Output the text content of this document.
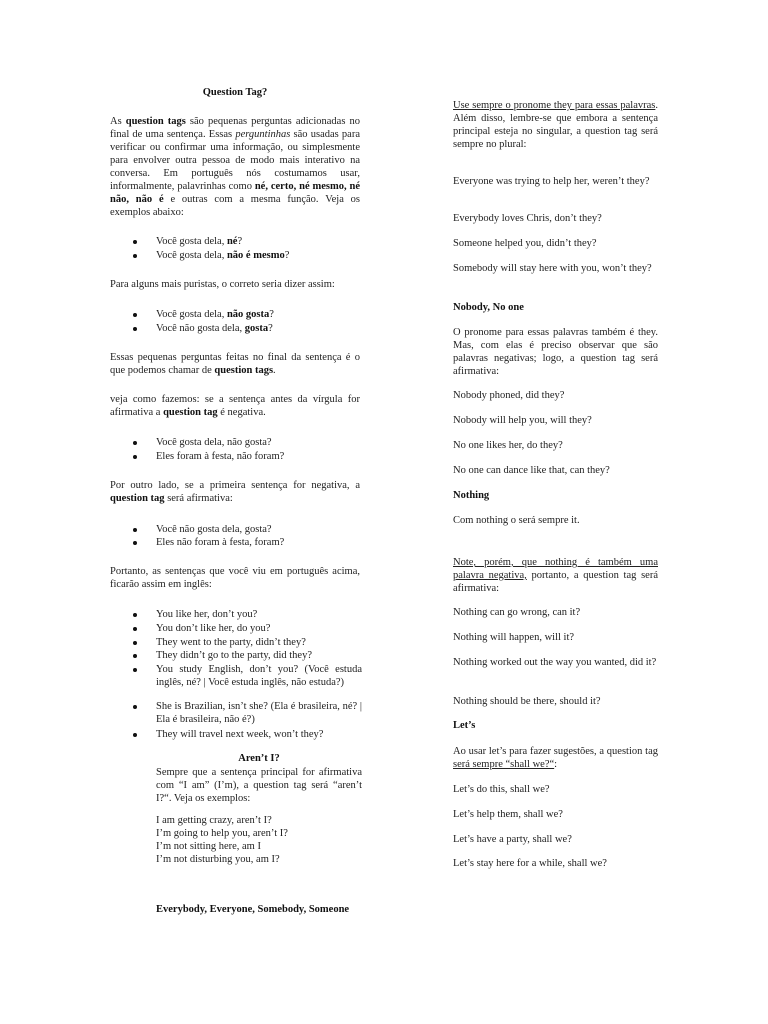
Question Tag?

As question tags são pequenas perguntas adicionadas no final de uma sentença. Essas perguntinhas são usadas para verificar ou confirmar uma informação, ou simplesmente para envolver outra pessoa de modo mais interativo na conversa. Em português nós costumamos usar, informalmente, palavrinhas como né, certo, né mesmo, né não, não é e outras com a mesma função. Veja os exemplos abaixo:

Você gosta dela, né?
Você gosta dela, não é mesmo?

Para alguns mais puristas, o correto seria dizer assim:

Você gosta dela, não gosta?
Você não gosta dela, gosta?

Essas pequenas perguntas feitas no final da sentença é o que podemos chamar de question tags.

veja como fazemos: se a sentença antes da vírgula for afirmativa a question tag é negativa.

Você gosta dela, não gosta?
Eles foram à festa, não foram?

Por outro lado, se a primeira sentença for negativa, a question tag será afirmativa:

Você não gosta dela, gosta?
Eles não foram à festa, foram?

Portanto, as sentenças que você viu em português acima, ficarão assim em inglês:

You like her, don’t you?
You don’t like her, do you?
They went to the party, didn’t they?
They didn’t go to the party, did they?
You study English, don’t you? (Você estuda inglês, né? | Você estuda inglês, não estuda?)
She is Brazilian, isn’t she? (Ela é brasileira, né? | Ela é brasileira, não é?)
They will travel next week, won’t they?
Aren’t I?

Sempre que a sentença principal for afirmativa com “I am” (I’m), a question tag será “aren’t I?“. Veja os exemplos:

I am getting crazy, aren’t I?
I’m going to help you, aren’t I?
I’m not sitting here, am I
I’m not disturbing you, am I?
Everybody, Everyone, Somebody, Someone

Use sempre o pronome they para essas palavras. Além disso, lembre-se que embora a sentença principal esteja no singular, a question tag será sempre no plural:

Everyone was trying to help her, weren’t they?
Everybody loves Chris, don’t they?
Someone helped you, didn’t they?
Somebody will stay here with you, won’t they?
Nobody, No one

O pronome para essas palavras também é they. Mas, com elas é preciso observar que são palavras negativas; logo, a question tag será afirmativa:

Nobody phoned, did they?
Nobody will help you, will they?
No one likes her, do they?
No one can dance like that, can they?
Nothing
Com nothing o será sempre it.

Note, porém, que nothing é também uma palavra negativa, portanto, a question tag será afirmativa:

Nothing can go wrong, can it?
Nothing will happen, will it?
Nothing worked out the way you wanted, did it?
Nothing should be there, should it?
Let’s

Ao usar let’s para fazer sugestões, a question tag será sempre “shall we?“:

Let’s do this, shall we?
Let’s help them, shall we?
Let’s have a party, shall we?
Let’s stay here for a while, shall we?
